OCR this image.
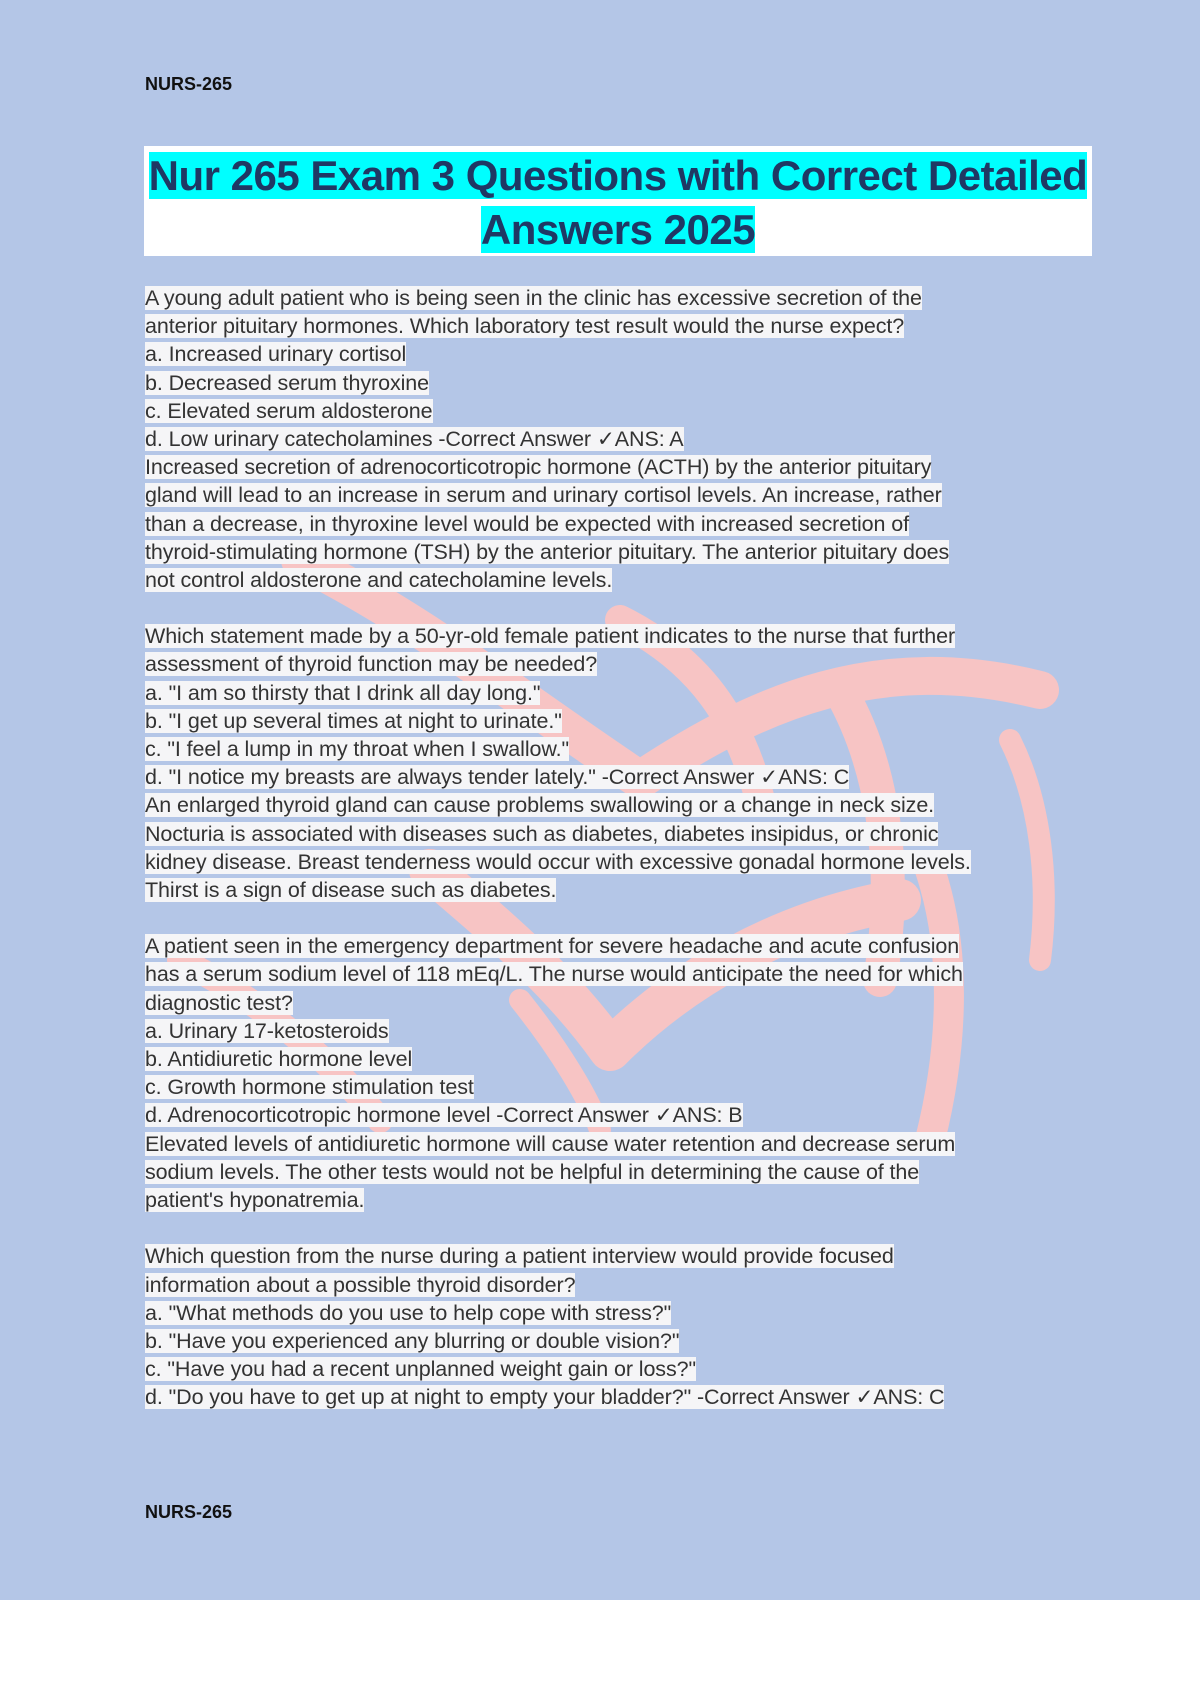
NURS-265
Nur 265 Exam 3 Questions with Correct Detailed
Answers 2025
A young adult patient who is being seen in the clinic has excessive secretion of the
anterior pituitary hormones. Which laboratory test result would the nurse expect?
a. Increased urinary cortisol
b. Decreased serum thyroxine
c. Elevated serum aldosterone
d. Low urinary catecholamines -Correct Answer ✓ANS: A
Increased secretion of adrenocorticotropic hormone (ACTH) by the anterior pituitary
gland will lead to an increase in serum and urinary cortisol levels. An increase, rather
than a decrease, in thyroxine level would be expected with increased secretion of
thyroid-stimulating hormone (TSH) by the anterior pituitary. The anterior pituitary does
not control aldosterone and catecholamine levels.
Which statement made by a 50-yr-old female patient indicates to the nurse that further
assessment of thyroid function may be needed?
a. "I am so thirsty that I drink all day long."
b. "I get up several times at night to urinate."
c. "I feel a lump in my throat when I swallow."
d. "I notice my breasts are always tender lately." -Correct Answer ✓ANS: C
An enlarged thyroid gland can cause problems swallowing or a change in neck size.
Nocturia is associated with diseases such as diabetes, diabetes insipidus, or chronic
kidney disease. Breast tenderness would occur with excessive gonadal hormone levels.
Thirst is a sign of disease such as diabetes.
A patient seen in the emergency department for severe headache and acute confusion
has a serum sodium level of 118 mEq/L. The nurse would anticipate the need for which
diagnostic test?
a. Urinary 17-ketosteroids
b. Antidiuretic hormone level
c. Growth hormone stimulation test
d. Adrenocorticotropic hormone level -Correct Answer ✓ANS: B
Elevated levels of antidiuretic hormone will cause water retention and decrease serum
sodium levels. The other tests would not be helpful in determining the cause of the
patient's hyponatremia.
Which question from the nurse during a patient interview would provide focused
information about a possible thyroid disorder?
a. "What methods do you use to help cope with stress?"
b. "Have you experienced any blurring or double vision?"
c. "Have you had a recent unplanned weight gain or loss?"
d. "Do you have to get up at night to empty your bladder?" -Correct Answer ✓ANS: C
NURS-265
